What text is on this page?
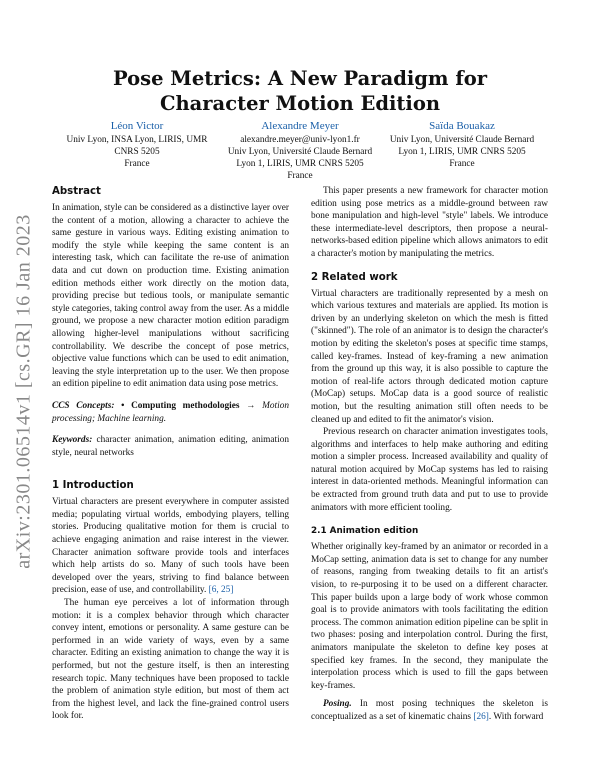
arXiv:2301.06514v1 [cs.GR] 16 Jan 2023
Pose Metrics: A New Paradigm for Character Motion Edition
Léon Victor
Univ Lyon, INSA Lyon, LIRIS, UMR
CNRS 5205
France
Alexandre Meyer
alexandre.meyer@univ-lyon1.fr
Univ Lyon, Université Claude Bernard
Lyon 1, LIRIS, UMR CNRS 5205
France
Saïda Bouakaz
Univ Lyon, Université Claude Bernard
Lyon 1, LIRIS, UMR CNRS 5205
France
Abstract

In animation, style can be considered as a distinctive layer over the content of a motion, allowing a character to achieve the same gesture in various ways. Editing existing animation to modify the style while keeping the same content is an interesting task, which can facilitate the re-use of animation data and cut down on production time. Existing animation edition methods either work directly on the motion data, providing precise but tedious tools, or manipulate semantic style categories, taking control away from the user. As a middle ground, we propose a new character motion edition paradigm allowing higher-level manipulations without sacrificing controllability. We describe the concept of pose metrics, objective value functions which can be used to edit animation, leaving the style interpretation up to the user. We then propose an edition pipeline to edit animation data using pose metrics.

CCS Concepts: • Computing methodologies → Motion processing; Machine learning.

Keywords: character animation, animation editing, animation style, neural networks

1 Introduction

Virtual characters are present everywhere in computer assisted media; populating virtual worlds, embodying players, telling stories. Producing qualitative motion for them is crucial to achieve engaging animation and raise interest in the viewer. Character animation software provide tools and interfaces which help artists do so. Many of such tools have been developed over the years, striving to find balance between precision, ease of use, and controllability. [6, 25]

The human eye perceives a lot of information through motion: it is a complex behavior through which character convey intent, emotions or personality. A same gesture can be performed in an wide variety of ways, even by a same character. Editing an existing animation to change the way it is performed, but not the gesture itself, is then an interesting research topic. Many techniques have been proposed to tackle the problem of animation style edition, but most of them act from the highest level, and lack the fine-grained control users look for.

This paper presents a new framework for character motion edition using pose metrics as a middle-ground between raw bone manipulation and high-level "style" labels. We introduce these intermediate-level descriptors, then propose a neural-networks-based edition pipeline which allows animators to edit a character's motion by manipulating the metrics.

2 Related work

Virtual characters are traditionally represented by a mesh on which various textures and materials are applied. Its motion is driven by an underlying skeleton on which the mesh is fitted ("skinned"). The role of an animator is to design the character's motion by editing the skeleton's poses at specific time stamps, called key-frames. Instead of key-framing a new animation from the ground up this way, it is also possible to capture the motion of real-life actors through dedicated motion capture (MoCap) setups. MoCap data is a good source of realistic motion, but the resulting animation still often needs to be cleaned up and edited to fit the animator's vision.

Previous research on character animation investigates tools, algorithms and interfaces to help make authoring and editing motion a simpler process. Increased availability and quality of natural motion acquired by MoCap systems has led to raising interest in data-oriented methods. Meaningful information can be extracted from ground truth data and put to use to provide animators with more efficient tooling.

2.1 Animation edition

Whether originally key-framed by an animator or recorded in a MoCap setting, animation data is set to change for any number of reasons, ranging from tweaking details to fit an artist's vision, to re-purposing it to be used on a different character. This paper builds upon a large body of work whose common goal is to provide animators with tools facilitating the edition process. The common animation edition pipeline can be split in two phases: posing and interpolation control. During the first, animators manipulate the skeleton to define key poses at specified key frames. In the second, they manipulate the interpolation process which is used to fill the gaps between key-frames.

Posing. In most posing techniques the skeleton is conceptualized as a set of kinematic chains [26]. With forward
